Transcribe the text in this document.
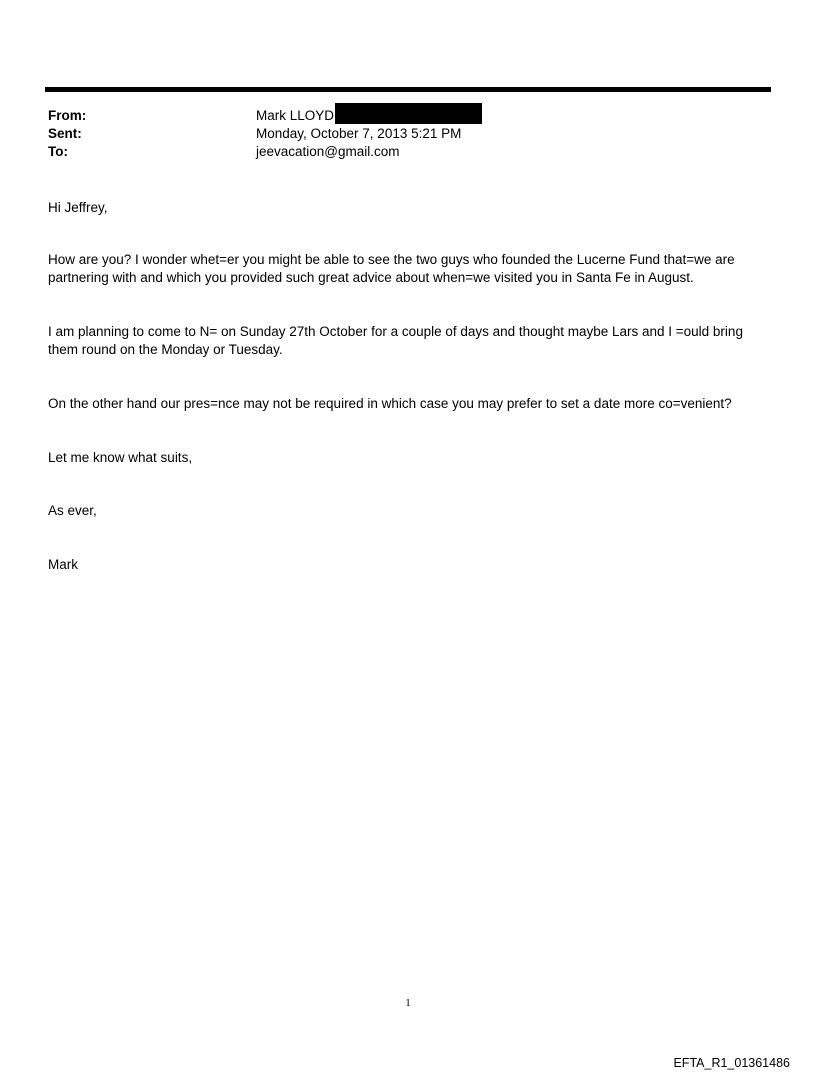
From:	Mark LLOYD
Sent:	Monday, October 7, 2013 5:21 PM
To:	jeevacation@gmail.com
Hi Jeffrey,
How are you? I wonder whet=er you might be able to see the two guys who founded the Lucerne Fund that=we are partnering with and which you provided such great advice about when=we visited you in Santa Fe in August.
I am planning to come to N= on Sunday 27th October for a couple of days and thought maybe Lars and I =ould bring them round on the Monday or Tuesday.
On the other hand our pres=nce may not be required in which case you may prefer to set a date more co=venient?
Let me know what suits,
As ever,
Mark
1
EFTA_R1_01361486
